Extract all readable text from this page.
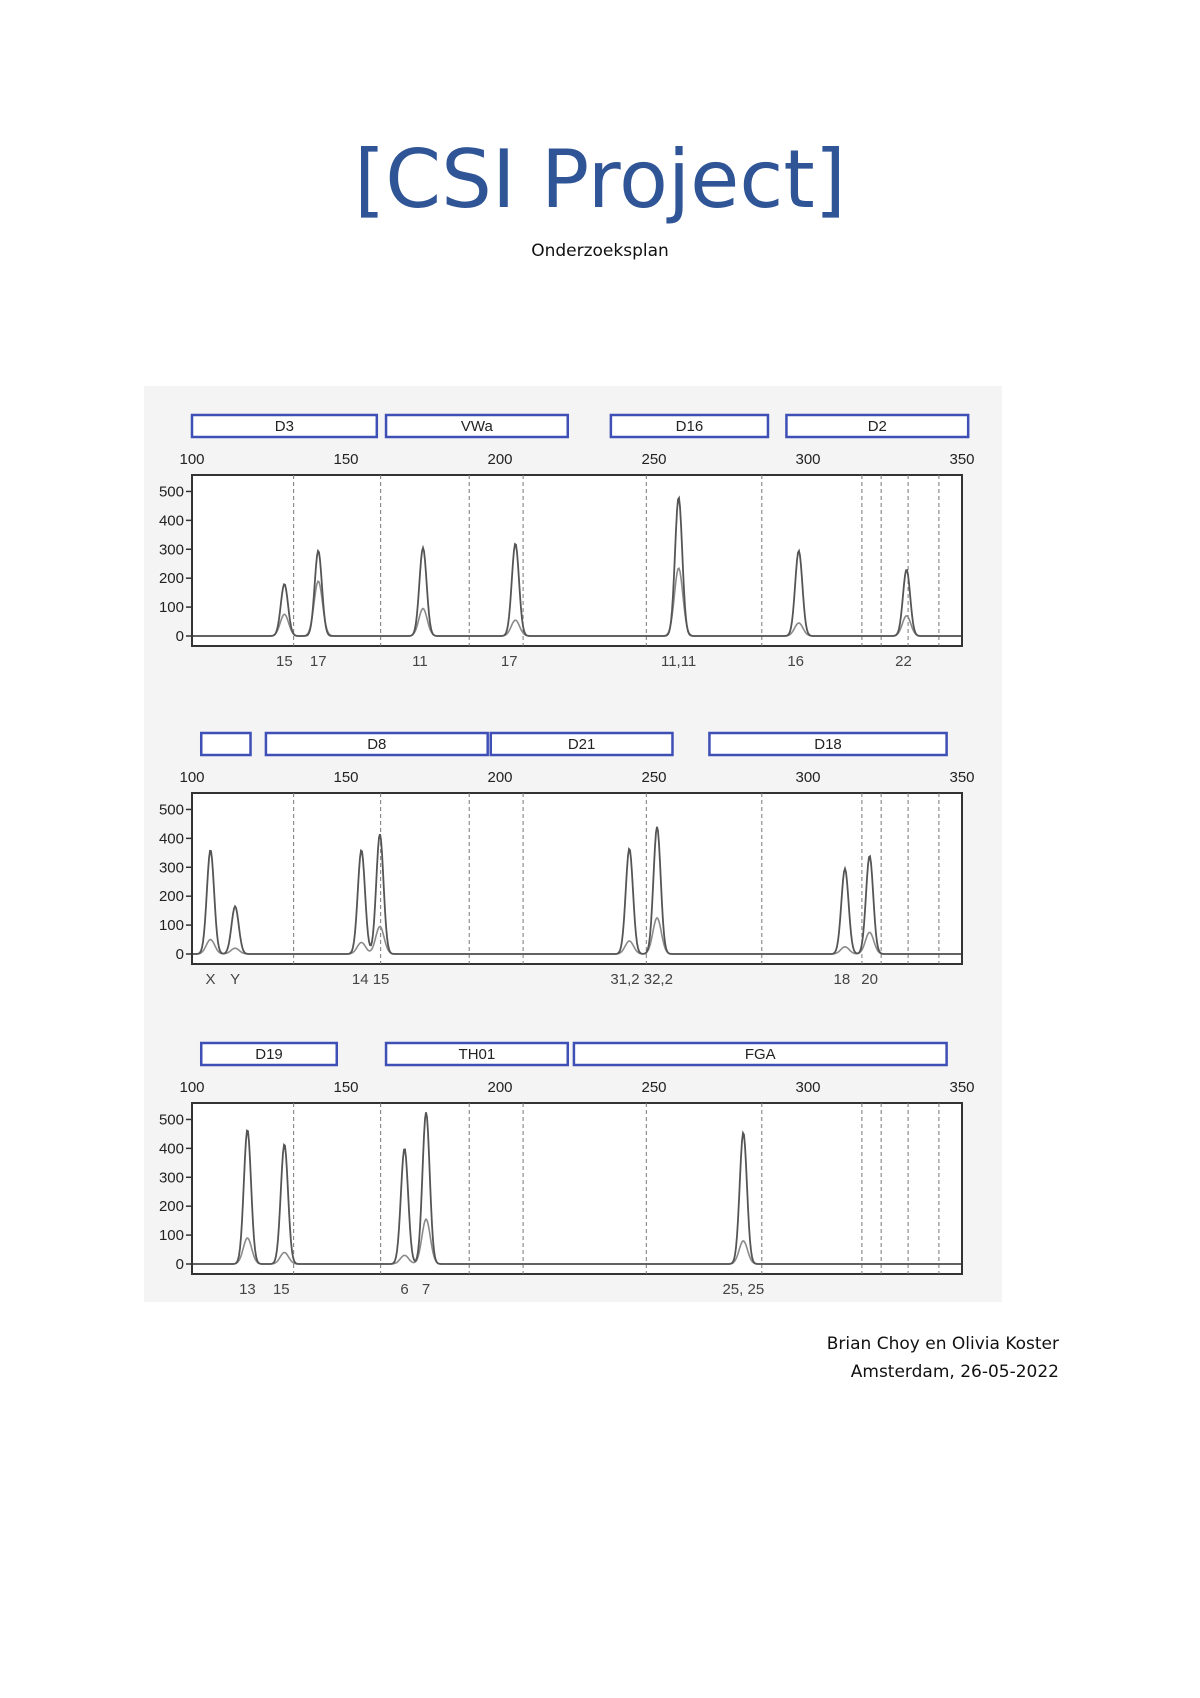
[CSI Project]
Onderzoeksplan
D3	VWa	D16	D2
100	150	200	250	300	350
0
100
200
300
400
500
15 17	11	17	11,11	16	22
D8	D21	D18
100	150	200	250	300	350
0
100
200
300
400
500
X Y	14 15	31,2 32,2	18 20
D19	TH01	FGA
100	150	200	250	300	350
0
100
200
300
400
500
13 15	6 7	25, 25
Brian Choy en Olivia Koster
Amsterdam, 26-05-2022
